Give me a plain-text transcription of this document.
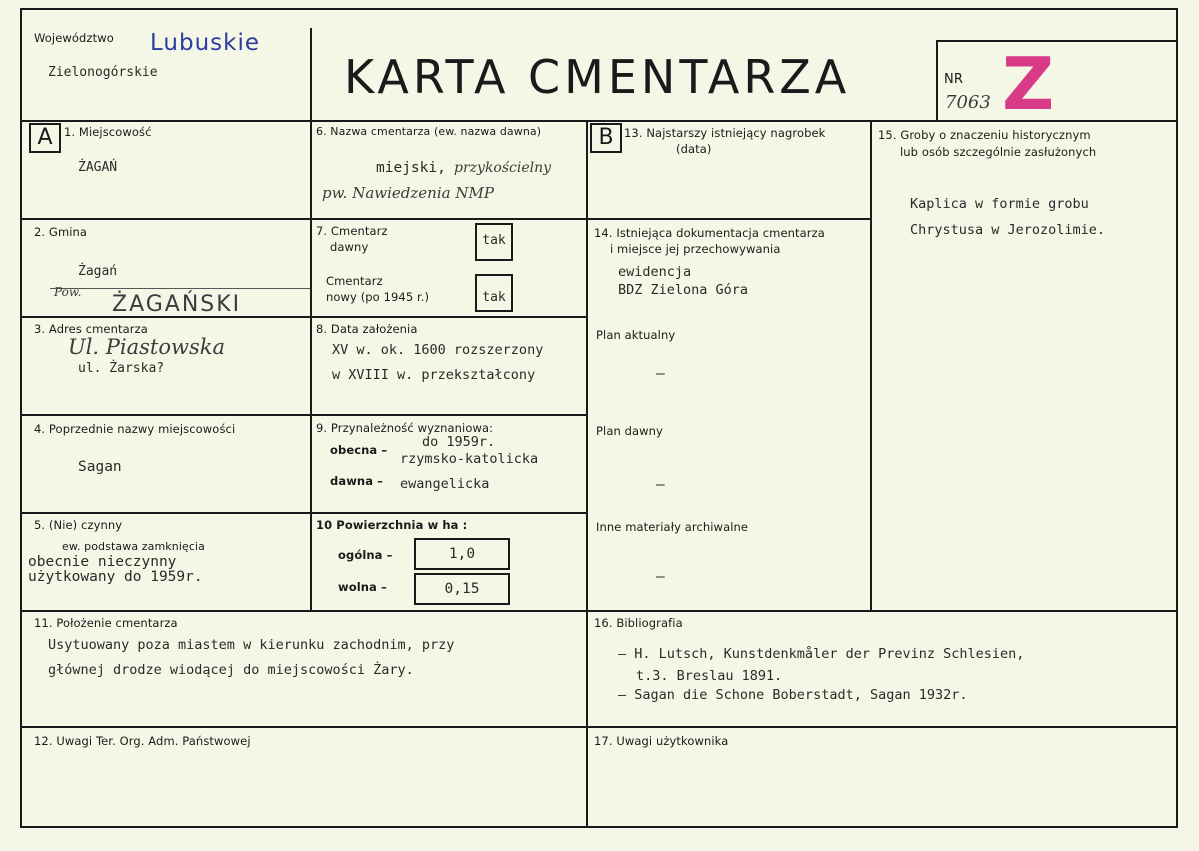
Województwo Lubuskie
Zielonogórskie	KARTA CMENTARZA	NR
7063 Z
A	B
1. Miejscowość
ŻAGAŃ
2. Gmina
Żagań
Pow. ŻAGAŃSKI
3. Adres cmentarza
Ul. Piastowska
ul. Żarska?
4. Poprzednie nazwy miejscowości
Sagan
5. (Nie) czynny
ew. podstawa zamknięcia
obecnie nieczynny
użytkowany do 1959r.
6. Nazwa cmentarza (ew. nazwa dawna)
miejski, przykościelny
pw. Nawiedzenia NMP
7. Cmentarz
dawny	tak
Cmentarz
nowy (po 1945 r.)	tak
8. Data założenia
XV w. ok. 1600 rozszerzony
w XVIII w. przekształcony
9. Przynależność wyznaniowa:
obecna –	do 1959r.
rzymsko-katolicka
dawna – ewangelicka
10 Powierzchnia w ha :
ogólna –	1,0
wolna –	0,15
11. Położenie cmentarza
Usytuowany poza miastem w kierunku zachodnim, przy
głównej drodze wiodącej do miejscowości Żary.
12. Uwagi Ter. Org. Adm. Państwowej
13. Najstarszy istniejący nagrobek
(data)
14. Istniejąca dokumentacja cmentarza
i miejsce jej przechowywania
ewidencja
BDZ Zielona Góra
Plan aktualny
–
Plan dawny
–
Inne materiały archiwalne
–
15. Groby o znaczeniu historycznym
lub osób szczególnie zasłużonych
Kaplica w formie grobu
Chrystusa w Jerozolimie.
16. Bibliografia
– H. Lutsch, Kunstdenkmåler der Previnz Schlesien,
t.3. Breslau 1891.
– Sagan die Schone Boberstadt, Sagan 1932r.
17. Uwagi użytkownika
